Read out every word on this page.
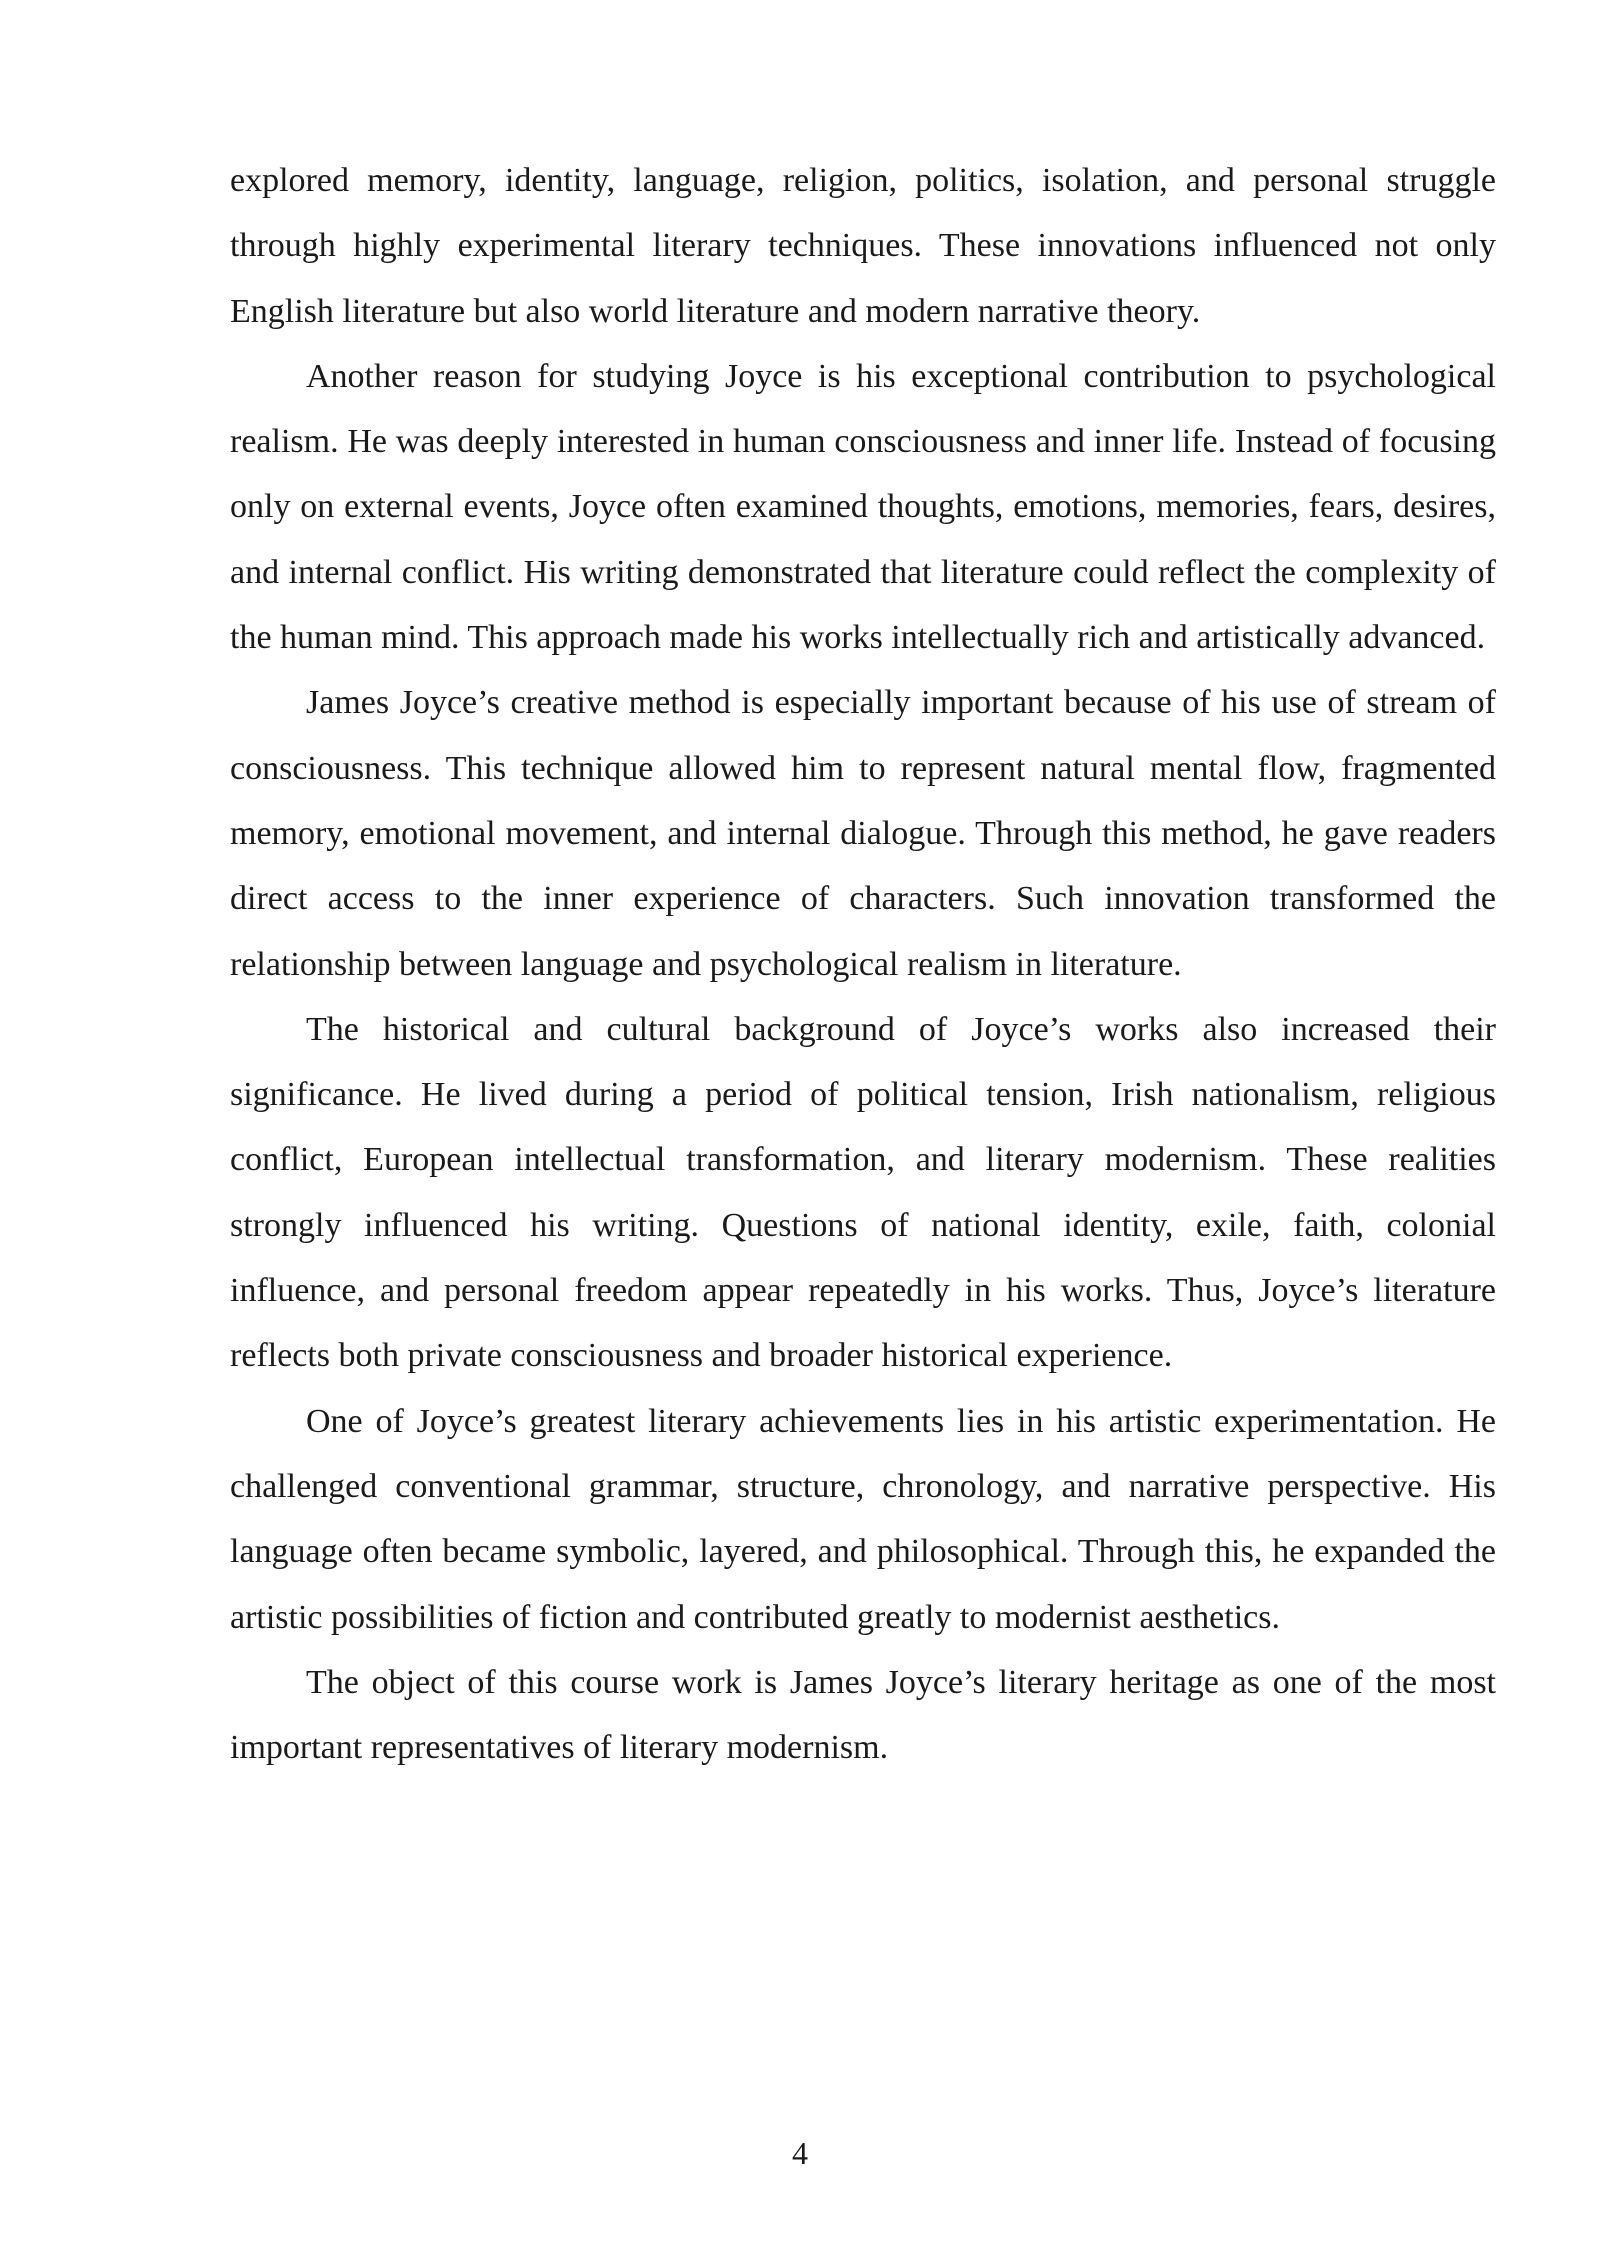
explored memory, identity, language, religion, politics, isolation, and personal struggle through highly experimental literary techniques. These innovations influenced not only English literature but also world literature and modern narrative theory.

Another reason for studying Joyce is his exceptional contribution to psychological realism. He was deeply interested in human consciousness and inner life. Instead of focusing only on external events, Joyce often examined thoughts, emotions, memories, fears, desires, and internal conflict. His writing demonstrated that literature could reflect the complexity of the human mind. This approach made his works intellectually rich and artistically advanced.

James Joyce’s creative method is especially important because of his use of stream of consciousness. This technique allowed him to represent natural mental flow, fragmented memory, emotional movement, and internal dialogue. Through this method, he gave readers direct access to the inner experience of characters. Such innovation transformed the relationship between language and psychological realism in literature.

The historical and cultural background of Joyce’s works also increased their significance. He lived during a period of political tension, Irish nationalism, religious conflict, European intellectual transformation, and literary modernism. These realities strongly influenced his writing. Questions of national identity, exile, faith, colonial influence, and personal freedom appear repeatedly in his works. Thus, Joyce’s literature reflects both private consciousness and broader historical experience.

One of Joyce’s greatest literary achievements lies in his artistic experimentation. He challenged conventional grammar, structure, chronology, and narrative perspective. His language often became symbolic, layered, and philosophical. Through this, he expanded the artistic possibilities of fiction and contributed greatly to modernist aesthetics.

The object of this course work is James Joyce’s literary heritage as one of the most important representatives of literary modernism.

4
